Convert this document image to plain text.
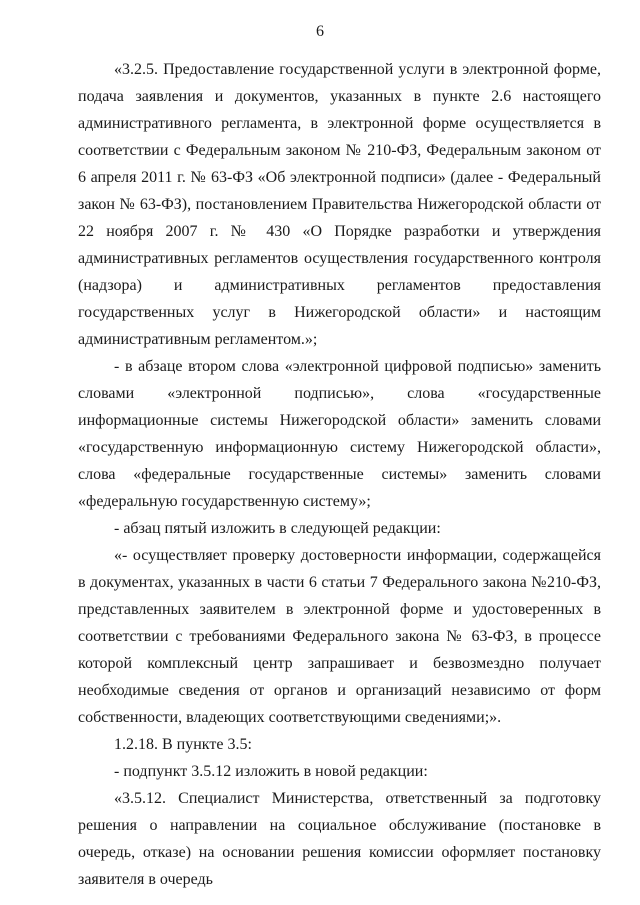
6

«3.2.5. Предоставление государственной услуги в электронной форме, подача заявления и документов, указанных в пункте 2.6 настоящего административного регламента, в электронной форме осуществляется в соответствии с Федеральным законом № 210-ФЗ, Федеральным законом от 6 апреля 2011 г. № 63-ФЗ «Об электронной подписи» (далее - Федеральный закон № 63-ФЗ), постановлением Правительства Нижегородской области от 22 ноября 2007 г. № 430 «О Порядке разработки и утверждения административных регламентов осуществления государственного контроля (надзора) и административных регламентов предоставления государственных услуг в Нижегородской области» и настоящим административным регламентом.»;

- в абзаце втором слова «электронной цифровой подписью» заменить словами «электронной подписью», слова «государственные информационные системы Нижегородской области» заменить словами «государственную информационную систему Нижегородской области», слова «федеральные государственные системы» заменить словами «федеральную государственную систему»;

- абзац пятый изложить в следующей редакции:

«- осуществляет проверку достоверности информации, содержащейся в документах, указанных в части 6 статьи 7 Федерального закона №210-ФЗ, представленных заявителем в электронной форме и удостоверенных в соответствии с требованиями Федерального закона № 63-ФЗ, в процессе которой комплексный центр запрашивает и безвозмездно получает необходимые сведения от органов и организаций независимо от форм собственности, владеющих соответствующими сведениями;».

1.2.18. В пункте 3.5:

- подпункт 3.5.12 изложить в новой редакции:

«3.5.12. Специалист Министерства, ответственный за подготовку решения о направлении на социальное обслуживание (постановке в очередь, отказе) на основании решения комиссии оформляет постановку заявителя в очередь
